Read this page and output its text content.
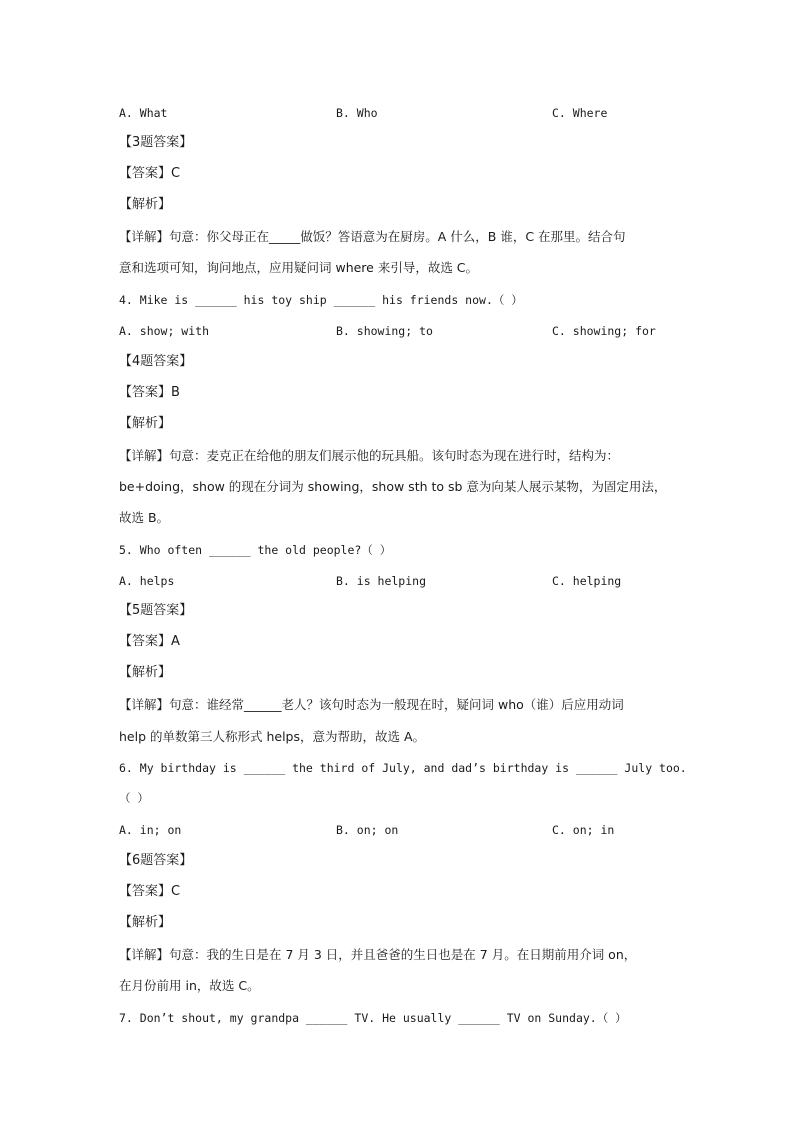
A. What	B. Who	C. Where
【3题答案】
【答案】C
【解析】
【详解】句意：你父母正在_____做饭？答语意为在厨房。A 什么，B 谁，C 在那里。结合句
意和选项可知，询问地点，应用疑问词 where 来引导，故选 C。
4. Mike is ______ his toy ship ______ his friends now.（ ）
A. show; with	B. showing; to	C. showing; for
【4题答案】
【答案】B
【解析】
【详解】句意：麦克正在给他的朋友们展示他的玩具船。该句时态为现在进行时，结构为：
be+doing，show 的现在分词为 showing，show sth to sb 意为向某人展示某物，为固定用法，
故选 B。
5. Who often ______ the old people?（ ）
A. helps	B. is helping	C. helping
【5题答案】
【答案】A
【解析】
【详解】句意：谁经常______老人？该句时态为一般现在时，疑问词 who（谁）后应用动词
help 的单数第三人称形式 helps，意为帮助，故选 A。
6. My birthday is ______ the third of July, and dad’s birthday is ______ July too.
（ ）
A. in; on	B. on; on	C. on; in
【6题答案】
【答案】C
【解析】
【详解】句意：我的生日是在 7 月 3 日，并且爸爸的生日也是在 7 月。在日期前用介词 on，
在月份前用 in，故选 C。
7. Don’t shout, my grandpa ______ TV. He usually ______ TV on Sunday.（ ）
